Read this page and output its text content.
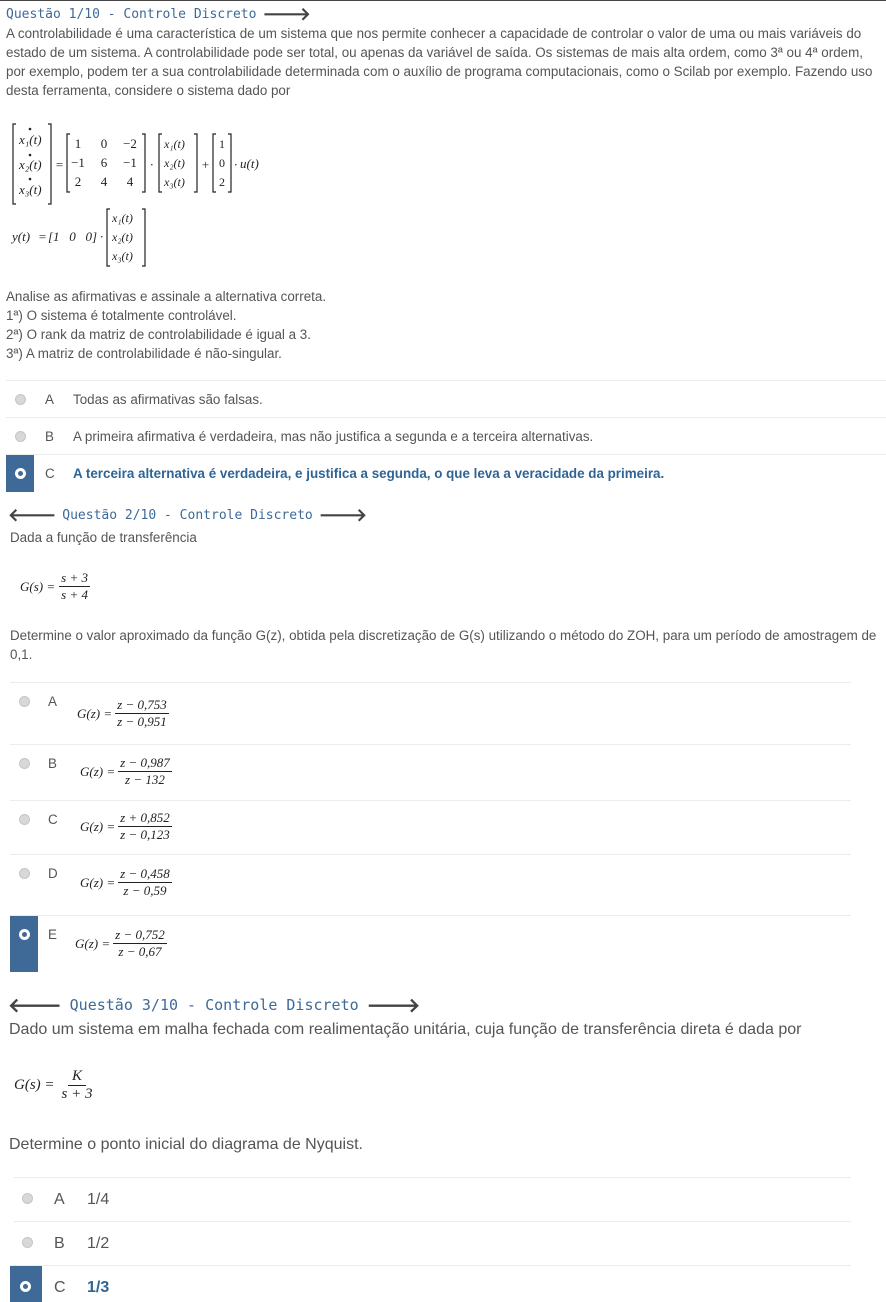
Questão 1/10 - Controle Discreto 🡒
A controlabilidade é uma característica de um sistema que nos permite conhecer a capacidade de controlar o valor de uma ou mais variáveis do estado de um sistema. A controlabilidade pode ser total, ou apenas da variável de saída. Os sistemas de mais alta ordem, como 3ª ou 4ª ordem, por exemplo, podem ter a sua controlabilidade determinada com o auxílio de programa computacionais, como o Scilab por exemplo. Fazendo uso desta ferramenta, considere o sistema dado por
x₁(t)
x₂(t)
x₃(t)
=
1 0 −2
−1 6 −1
2 4 4
·
x₁(t)
x₂(t)
x₃(t)
+
1
0
2
· u(t)
y(t) = [1   0   0] ·
x₁(t)
x₂(t)
x₃(t)
Analise as afirmativas e assinale a alternativa correta.
1ª) O sistema é totalmente controlável.
2ª) O rank da matriz de controlabilidade é igual a 3.
3ª) A matriz de controlabilidade é não-singular.
A Todas as afirmativas são falsas.
B A primeira afirmativa é verdadeira, mas não justifica a segunda e a terceira alternativas.
C A terceira alternativa é verdadeira, e justifica a segunda, o que leva a veracidade da primeira.
🡐 Questão 2/10 - Controle Discreto 🡒
Dada a função de transferência
$G(s) = \frac{s + 3}{s + 4}$
Determine o valor aproximado da função G(z), obtida pela discretização de G(s) utilizando o método do ZOH, para um período de amostragem de 0,1.
A
$G(z) = \frac{z - 0,753}{z - 0,951}$
B $G(z) = \frac{z - 0,987}{z - 132}$
C $G(z) = \frac{z + 0,852}{z - 0,123}$
D
$G(z) = \frac{z - 0,458}{z - 0,59}$
E
$G(z) = \frac{z - 0,752}{z - 0,67}$
🡐 Questão 3/10 - Controle Discreto 🡒
Dado um sistema em malha fechada com realimentação unitária, cuja função de transferência direta é dada por
$G(s) = \frac{K}{s + 3}$
Determine o ponto inicial do diagrama de Nyquist.
A 1/4
B 1/2
C 1/3
